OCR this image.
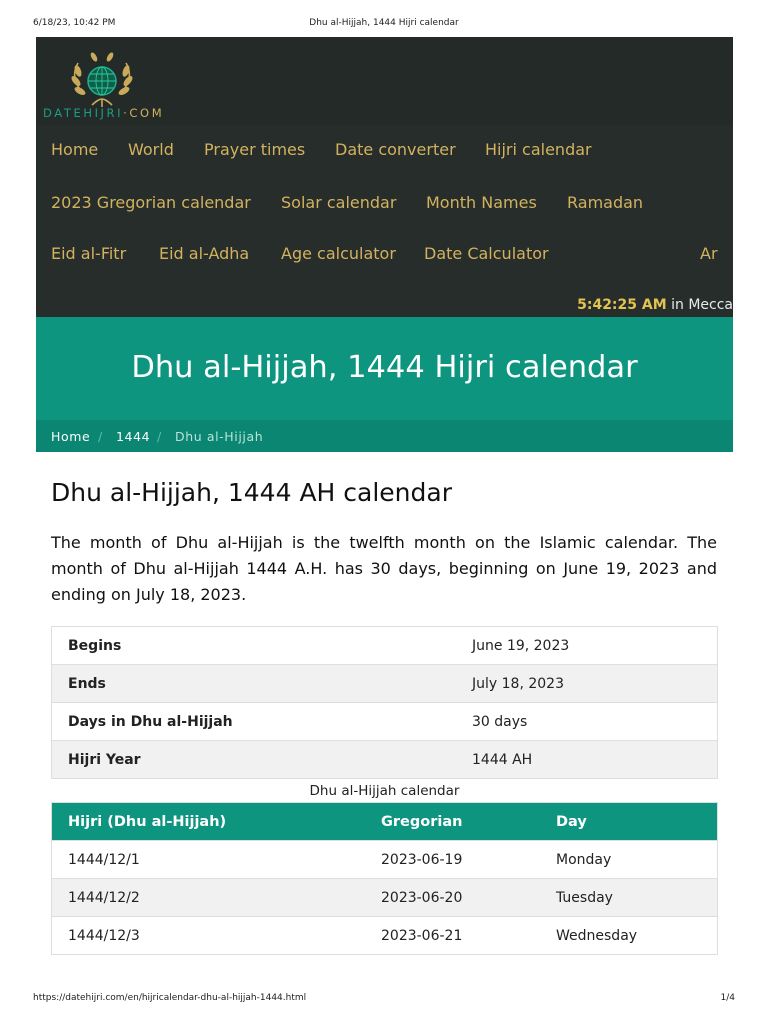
6/18/23, 10:42 PM	Dhu al-Hijjah, 1444 Hijri calendar
DATEHIJRI·COM
Home World Prayer times Date converter Hijri calendar
2023 Gregorian calendar Solar calendar Month Names Ramadan
Eid al-Fitr Eid al-Adha Age calculator Date Calculator	Ar
5:42:25 AM in Mecca
Dhu al-Hijjah, 1444 Hijri calendar
Home / 1444 / Dhu al-Hijjah
Dhu al-Hijjah, 1444 AH calendar

The month of Dhu al-Hijjah is the twelfth month on the Islamic calendar. The month of Dhu al-Hijjah 1444 A.H. has 30 days, beginning on June 19, 2023 and ending on July 18, 2023.

Begins	June 19, 2023
Ends	July 18, 2023
Days in Dhu al-Hijjah	30 days
Hijri Year	1444 AH
Dhu al-Hijjah calendar
Hijri (Dhu al-Hijjah)	Gregorian	Day
1444/12/1	2023-06-19	Monday
1444/12/2	2023-06-20	Tuesday
1444/12/3	2023-06-21	Wednesday
https://datehijri.com/en/hijricalendar-dhu-al-hijjah-1444.html	1/4
